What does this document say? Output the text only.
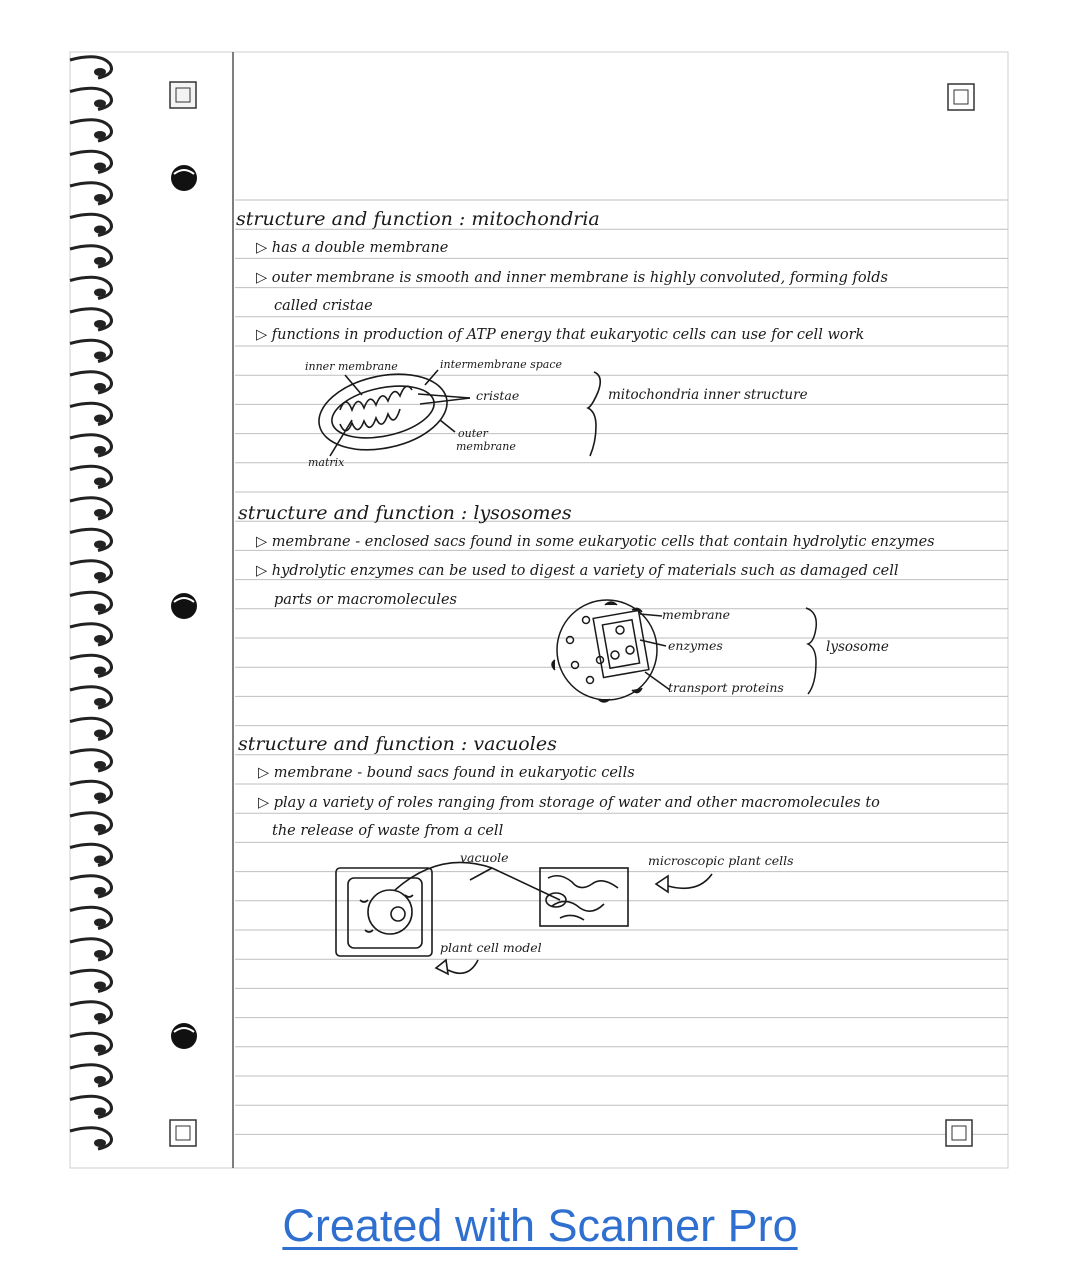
structure and function : mitochondria
▷ has a double membrane
▷ outer membrane is smooth and inner membrane is highly convoluted, forming folds
called cristae
▷ functions in production of ATP energy that eukaryotic cells can use for cell work
inner membrane	intermembrane space
cristae
outer
membrane
matrix
mitochondria inner structure
structure and function : lysosomes
▷ membrane - enclosed sacs found in some eukaryotic cells that contain hydrolytic enzymes
▷ hydrolytic enzymes can be used to digest a variety of materials such as damaged cell
parts or macromolecules
membrane
enzymes
transport proteins
lysosome
structure and function : vacuoles
▷ membrane - bound sacs found in eukaryotic cells
▷ play a variety of roles ranging from storage of water and other macromolecules to
the release of waste from a cell
vacuole	microscopic plant cells
plant cell model
Created with Scanner Pro
